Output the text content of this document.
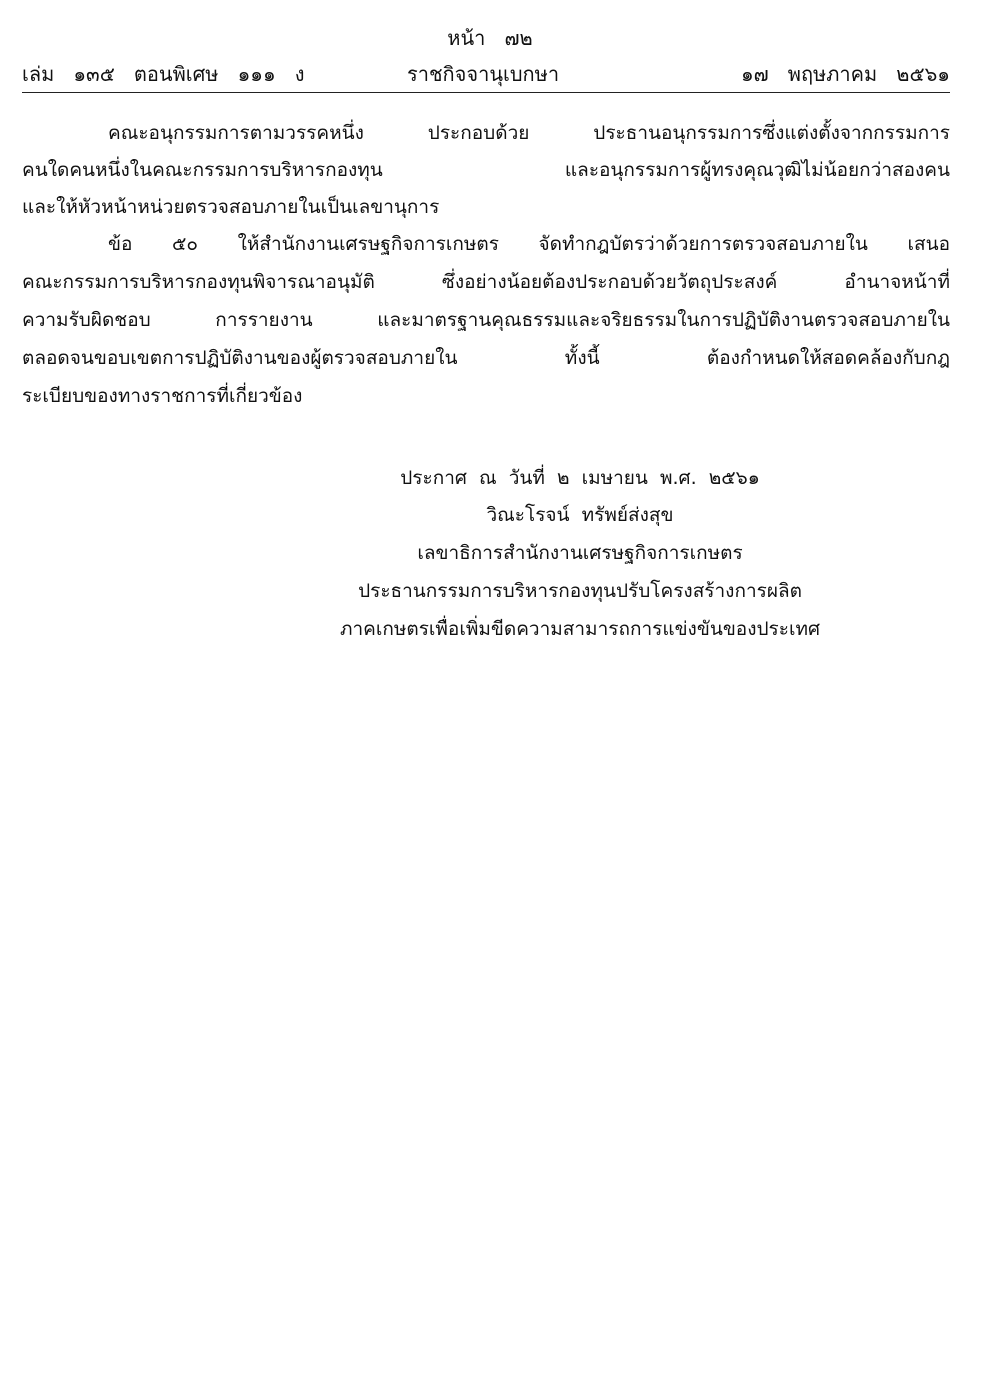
หน้า   ๗๒
เล่ม   ๑๓๕   ตอนพิเศษ   ๑๑๑   ง	ราชกิจจานุเบกษา	๑๗   พฤษภาคม   ๒๕๖๑
คณะอนุกรรมการตามวรรคหนึ่ง ประกอบด้วย ประธานอนุกรรมการซึ่งแต่งตั้งจากกรรมการ
คนใดคนหนึ่งในคณะกรรมการบริหารกองทุน และอนุกรรมการผู้ทรงคุณวุฒิไม่น้อยกว่าสองคน
และให้หัวหน้าหน่วยตรวจสอบภายในเป็นเลขานุการ
ข้อ ๕๐ ให้สำนักงานเศรษฐกิจการเกษตร จัดทำกฎบัตรว่าด้วยการตรวจสอบภายใน เสนอ
คณะกรรมการบริหารกองทุนพิจารณาอนุมัติ ซึ่งอย่างน้อยต้องประกอบด้วยวัตถุประสงค์ อำนาจหน้าที่
ความรับผิดชอบ การรายงาน และมาตรฐานคุณธรรมและจริยธรรมในการปฏิบัติงานตรวจสอบภายใน
ตลอดจนขอบเขตการปฏิบัติงานของผู้ตรวจสอบภายใน ทั้งนี้ ต้องกำหนดให้สอดคล้องกับกฎ
ระเบียบของทางราชการที่เกี่ยวข้อง
ประกาศ  ณ  วันที่  ๒  เมษายน  พ.ศ.  ๒๕๖๑
วิณะโรจน์  ทรัพย์ส่งสุข
เลขาธิการสำนักงานเศรษฐกิจการเกษตร
ประธานกรรมการบริหารกองทุนปรับโครงสร้างการผลิต
ภาคเกษตรเพื่อเพิ่มขีดความสามารถการแข่งขันของประเทศ
